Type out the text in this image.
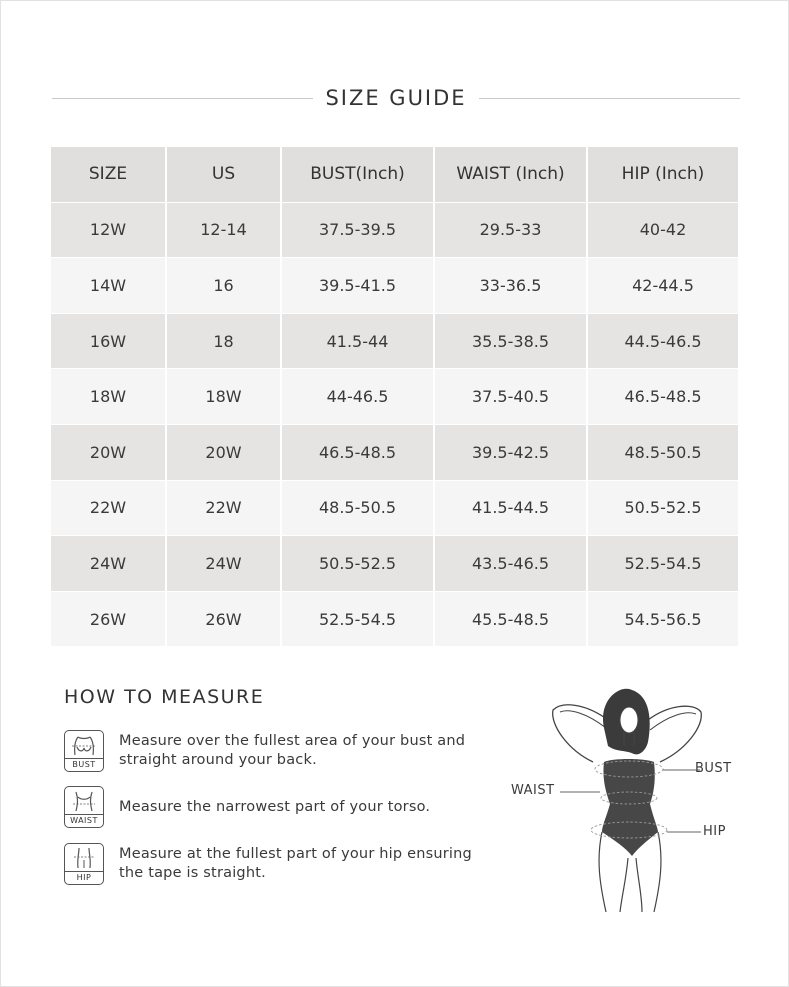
SIZE GUIDE
SIZE	US	BUST(Inch)	WAIST (Inch)	HIP (Inch)
12W	12-14	37.5-39.5	29.5-33	40-42
14W	16	39.5-41.5	33-36.5	42-44.5
16W	18	41.5-44	35.5-38.5	44.5-46.5
18W	18W	44-46.5	37.5-40.5	46.5-48.5
20W	20W	46.5-48.5	39.5-42.5	48.5-50.5
22W	22W	48.5-50.5	41.5-44.5	50.5-52.5
24W	24W	50.5-52.5	43.5-46.5	52.5-54.5
26W	26W	52.5-54.5	45.5-48.5	54.5-56.5
HOW TO MEASURE
BUST
Measure over the fullest area of your bust and straight around your back.
WAIST
Measure the narrowest part of your torso.
HIP
Measure at the fullest part of your hip ensuring the tape is straight.
BUST
WAIST
HIP
